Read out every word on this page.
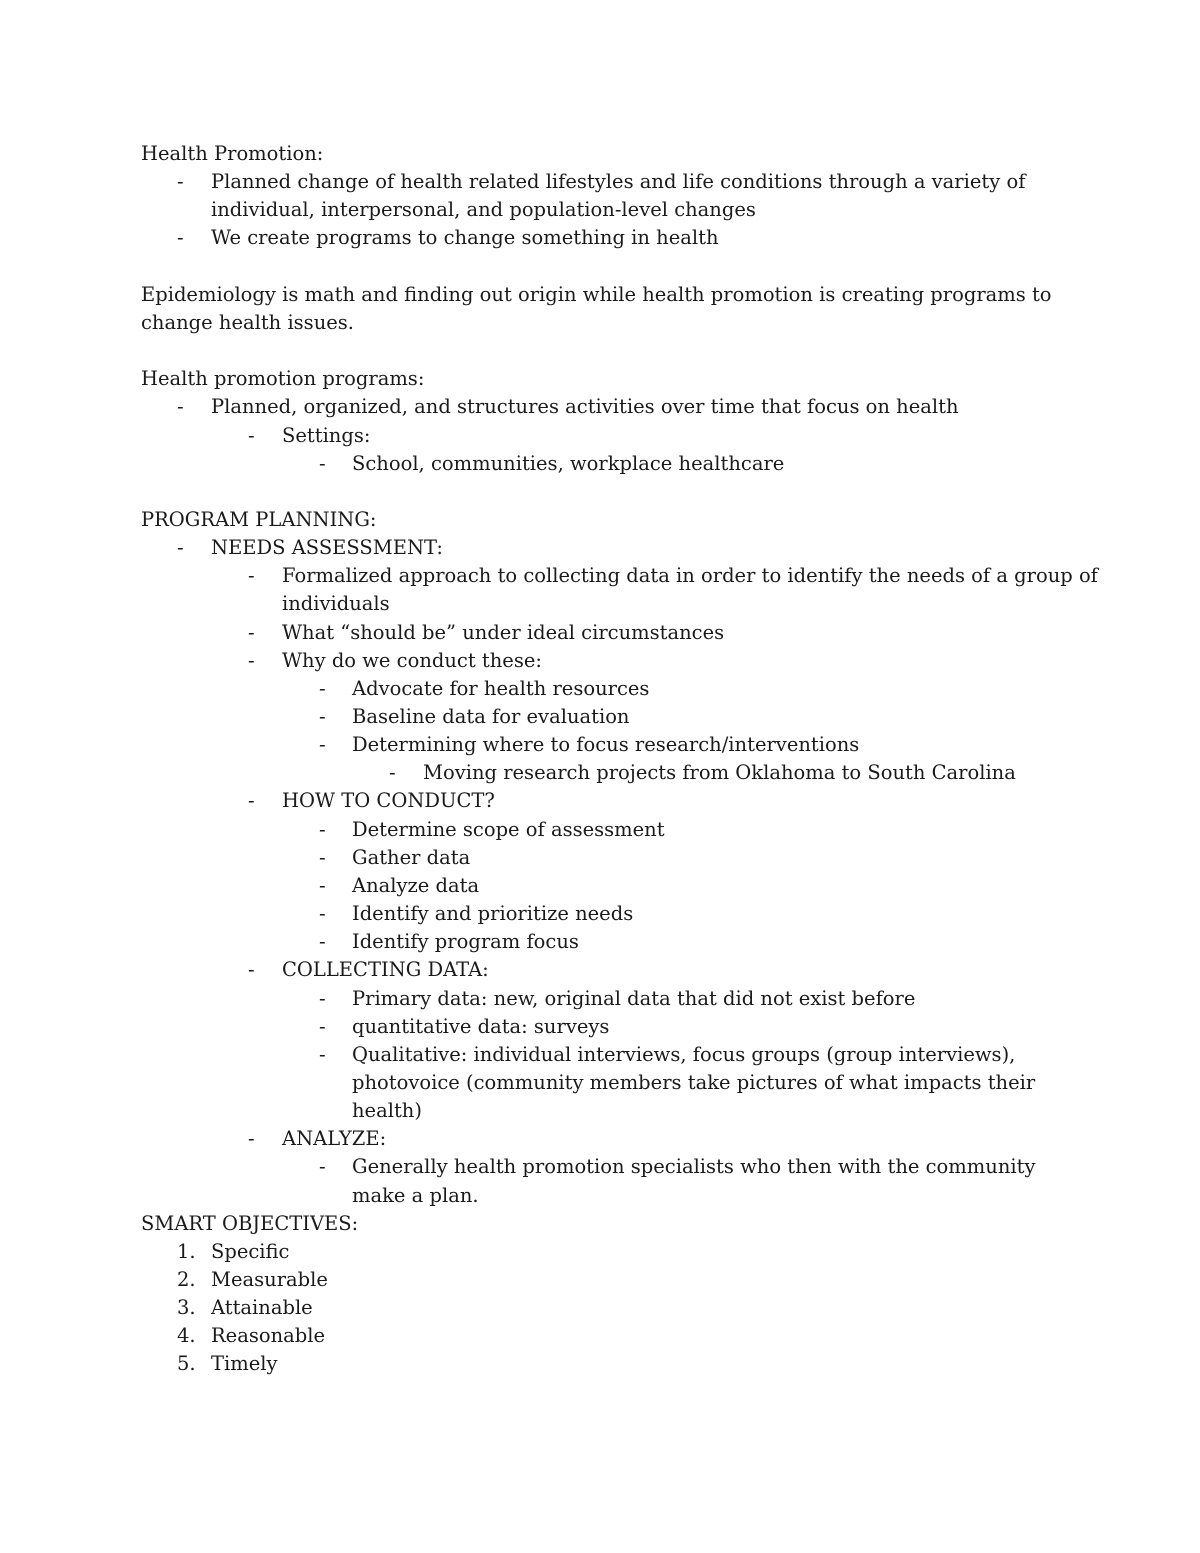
Health Promotion:
- Planned change of health related lifestyles and life conditions through a variety of
individual, interpersonal, and population-level changes
- We create programs to change something in health
Epidemiology is math and finding out origin while health promotion is creating programs to
change health issues.
Health promotion programs:
- Planned, organized, and structures activities over time that focus on health
- Settings:
- School, communities, workplace healthcare
PROGRAM PLANNING:
- NEEDS ASSESSMENT:
- Formalized approach to collecting data in order to identify the needs of a group of
individuals
- What “should be” under ideal circumstances
- Why do we conduct these:
- Advocate for health resources
- Baseline data for evaluation
- Determining where to focus research/interventions
- Moving research projects from Oklahoma to South Carolina
- HOW TO CONDUCT?
- Determine scope of assessment
- Gather data
- Analyze data
- Identify and prioritize needs
- Identify program focus
- COLLECTING DATA:
- Primary data: new, original data that did not exist before
- quantitative data: surveys
- Qualitative: individual interviews, focus groups (group interviews),
photovoice (community members take pictures of what impacts their
health)
- ANALYZE:
- Generally health promotion specialists who then with the community
make a plan.
SMART OBJECTIVES:
1. Specific
2. Measurable
3. Attainable
4. Reasonable
5. Timely
